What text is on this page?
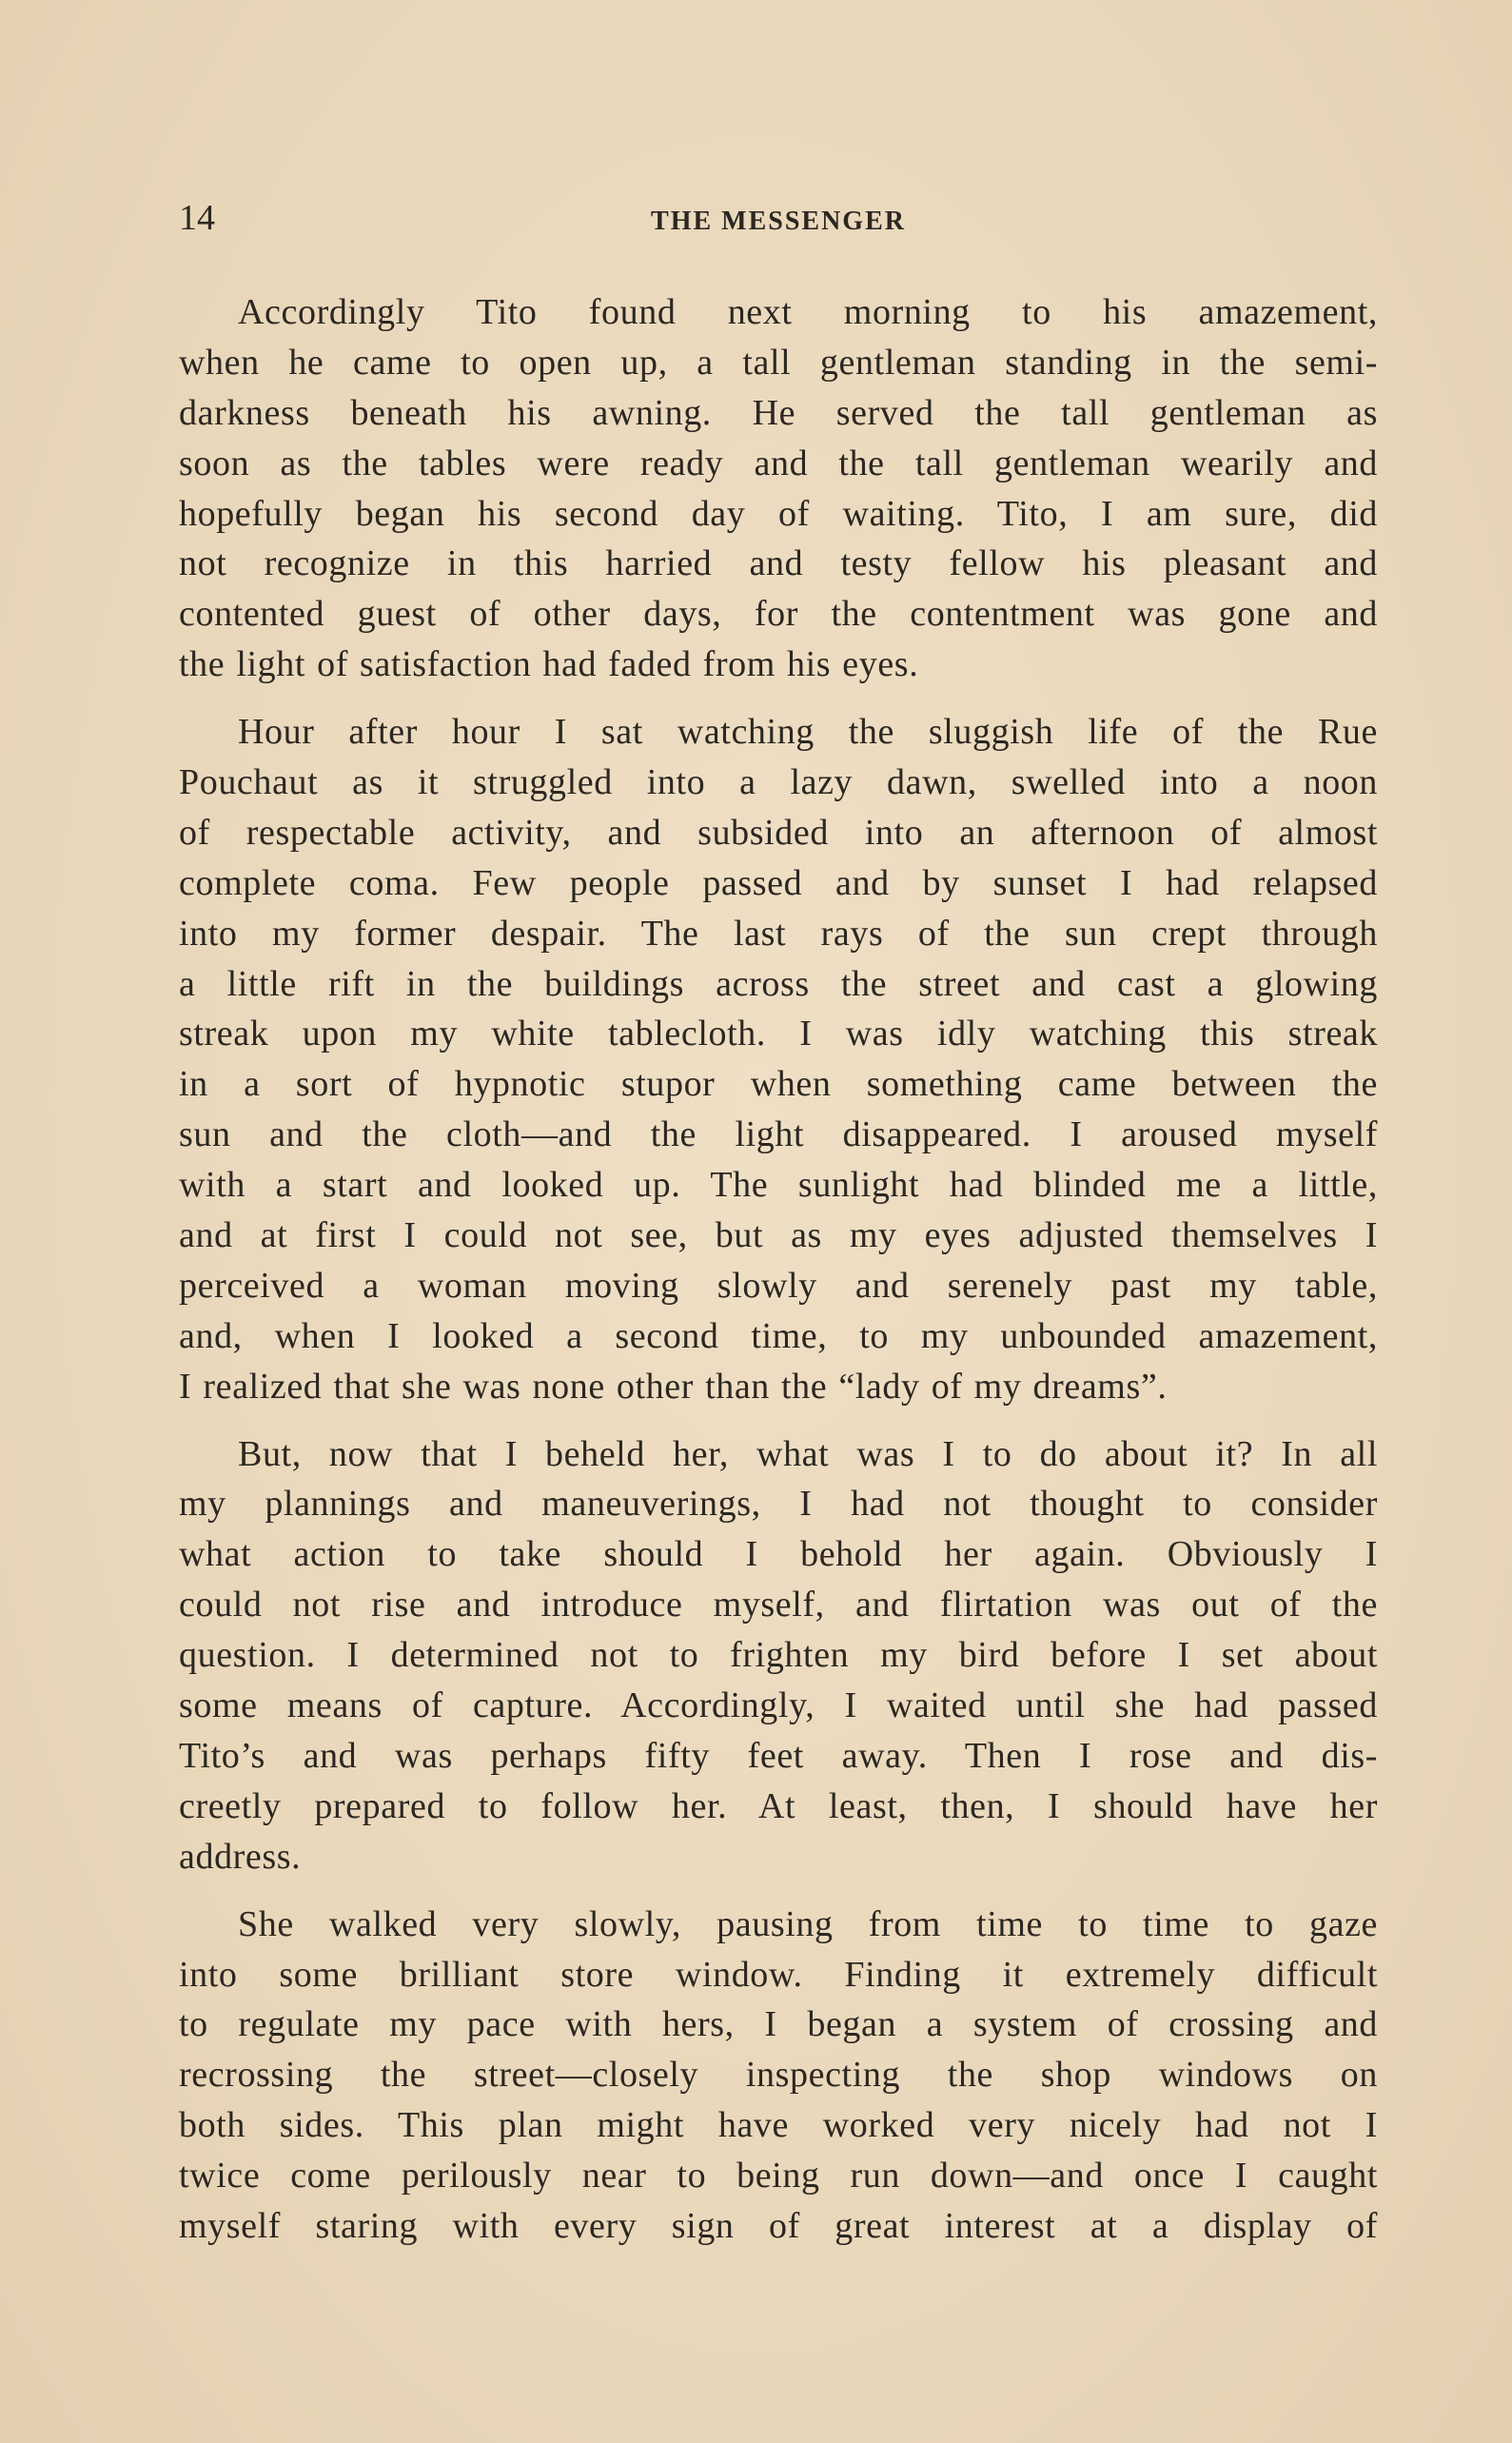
14	THE MESSENGER
Accordingly Tito found next morning to his amazement,
when he came to open up, a tall gentleman standing in the semi-
darkness beneath his awning. He served the tall gentleman as
soon as the tables were ready and the tall gentleman wearily and
hopefully began his second day of waiting. Tito, I am sure, did
not recognize in this harried and testy fellow his pleasant and
contented guest of other days, for the contentment was gone and
the light of satisfaction had faded from his eyes.
Hour after hour I sat watching the sluggish life of the Rue
Pouchaut as it struggled into a lazy dawn, swelled into a noon
of respectable activity, and subsided into an afternoon of almost
complete coma. Few people passed and by sunset I had relapsed
into my former despair. The last rays of the sun crept through
a little rift in the buildings across the street and cast a glowing
streak upon my white tablecloth. I was idly watching this streak
in a sort of hypnotic stupor when something came between the
sun and the cloth—and the light disappeared. I aroused myself
with a start and looked up. The sunlight had blinded me a little,
and at first I could not see, but as my eyes adjusted themselves I
perceived a woman moving slowly and serenely past my table,
and, when I looked a second time, to my unbounded amazement,
I realized that she was none other than the “lady of my dreams”.
But, now that I beheld her, what was I to do about it? In all
my plannings and maneuverings, I had not thought to consider
what action to take should I behold her again. Obviously I
could not rise and introduce myself, and flirtation was out of the
question. I determined not to frighten my bird before I set about
some means of capture. Accordingly, I waited until she had passed
Tito’s and was perhaps fifty feet away. Then I rose and dis-
creetly prepared to follow her. At least, then, I should have her
address.
She walked very slowly, pausing from time to time to gaze
into some brilliant store window. Finding it extremely difficult
to regulate my pace with hers, I began a system of crossing and
recrossing the street—closely inspecting the shop windows on
both sides. This plan might have worked very nicely had not I
twice come perilously near to being run down—and once I caught
myself staring with every sign of great interest at a display of
